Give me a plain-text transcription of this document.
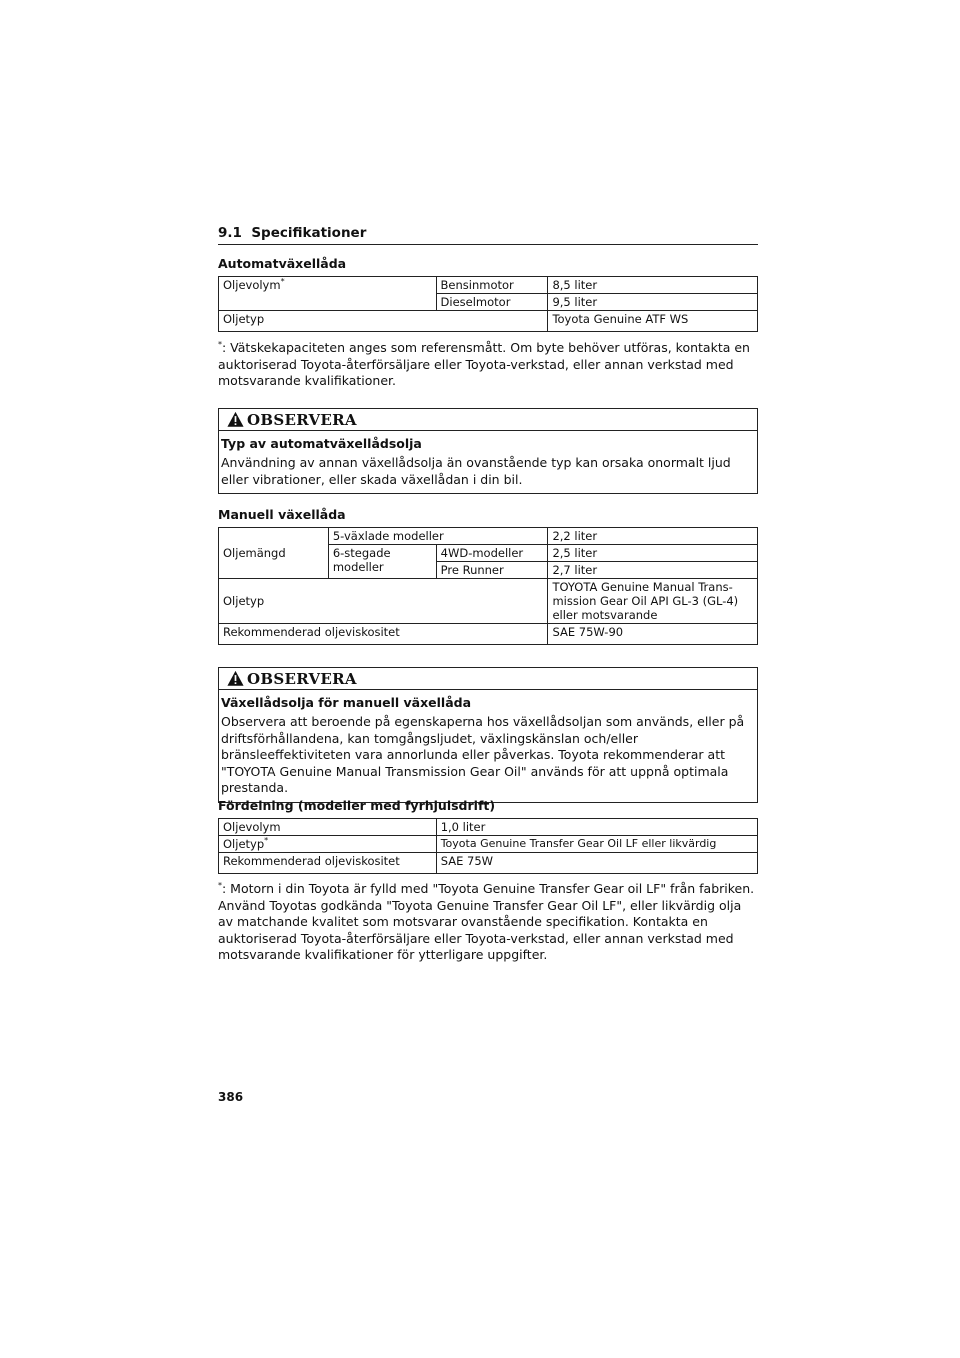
9.1 Specifikationer
Automatväxellåda
Oljevolym*	Bensinmotor	8,5 liter
	Dieselmotor	9,5 liter
Oljetyp		Toyota Genuine ATF WS
*: Vätskekapaciteten anges som referensmått. Om byte behöver utföras, kontakta en auktoriserad Toyota-återförsäljare eller Toyota-verkstad, eller annan verkstad med motsvarande kvalifikationer.
OBSERVERA
Typ av automatväxellådsolja
Användning av annan växellådsolja än ovanstående typ kan orsaka onormalt ljud eller vibrationer, eller skada växellådan i din bil.
Manuell växellåda
Oljemängd	5-växlade modeller		2,2 liter
	6-stegade modeller	4WD-modeller	2,5 liter
		Pre Runner	2,7 liter
Oljetyp			TOYOTA Genuine Manual Trans-mission Gear Oil API GL-3 (GL-4) eller motsvarande
Rekommenderad oljeviskositet			SAE 75W-90
OBSERVERA
Växellådsolja för manuell växellåda
Observera att beroende på egenskaperna hos växellådsoljan som används, eller på driftsförhållandena, kan tomgångsljudet, växlingskänslan och/eller bränsleeffektiviteten vara annorlunda eller påverkas. Toyota rekommenderar att "TOYOTA Genuine Manual Transmission Gear Oil" används för att uppnå optimala prestanda.
Fördelning (modeller med fyrhjulsdrift)
Oljevolym	1,0 liter
Oljetyp*	Toyota Genuine Transfer Gear Oil LF eller likvärdig
Rekommenderad oljeviskositet	SAE 75W
*: Motorn i din Toyota är fylld med "Toyota Genuine Transfer Gear oil LF" från fabriken. Använd Toyotas godkända "Toyota Genuine Transfer Gear Oil LF", eller likvärdig olja av matchande kvalitet som motsvarar ovanstående specifikation. Kontakta en auktoriserad Toyota-återförsäljare eller Toyota-verkstad, eller annan verkstad med motsvarande kvalifikationer för ytterligare uppgifter.
386
